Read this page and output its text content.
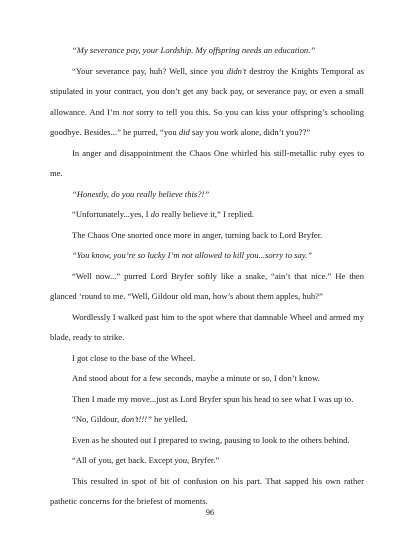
“My severance pay, your Lordship. My offspring needs an education.”

“Your severance pay, huh? Well, since you didn’t destroy the Knights Temporal as stipulated in your contract, you don’t get any back pay, or severance pay, or even a small allowance. And I’m not sorry to tell you this. So you can kiss your offspring’s schooling goodbye. Besides...” he purred, “you did say you work alone, didn’t you??”

In anger and disappointment the Chaos One whirled his still-metallic ruby eyes to me.

“Honestly, do you really believe this?!”

“Unfortunately...yes, I do really believe it,” I replied.

The Chaos One snorted once more in anger, turning back to Lord Bryfer.

“You know, you’re so lucky I’m not allowed to kill you...sorry to say.”

“Well now...” purred Lord Bryfer softly like a snake, “ain’t that nice.” He then glanced ‘round to me. “Well, Gildour old man, how’s about them apples, huh?”

Wordlessly I walked past him to the spot where that damnable Wheel and armed my blade, ready to strike.

I got close to the base of the Wheel.

And stood about for a few seconds, maybe a minute or so, I don’t know.

Then I made my move...just as Lord Bryfer spun his head to see what I was up to.

“No, Gildour, don’t!!!” he yelled.

Even as he shouted out I prepared to swing, pausing to look to the others behind.

“All of you, get back. Except you, Bryfer.”

This resulted in spot of bit of confusion on his part. That sapped his own rather pathetic concerns for the briefest of moments.

96
